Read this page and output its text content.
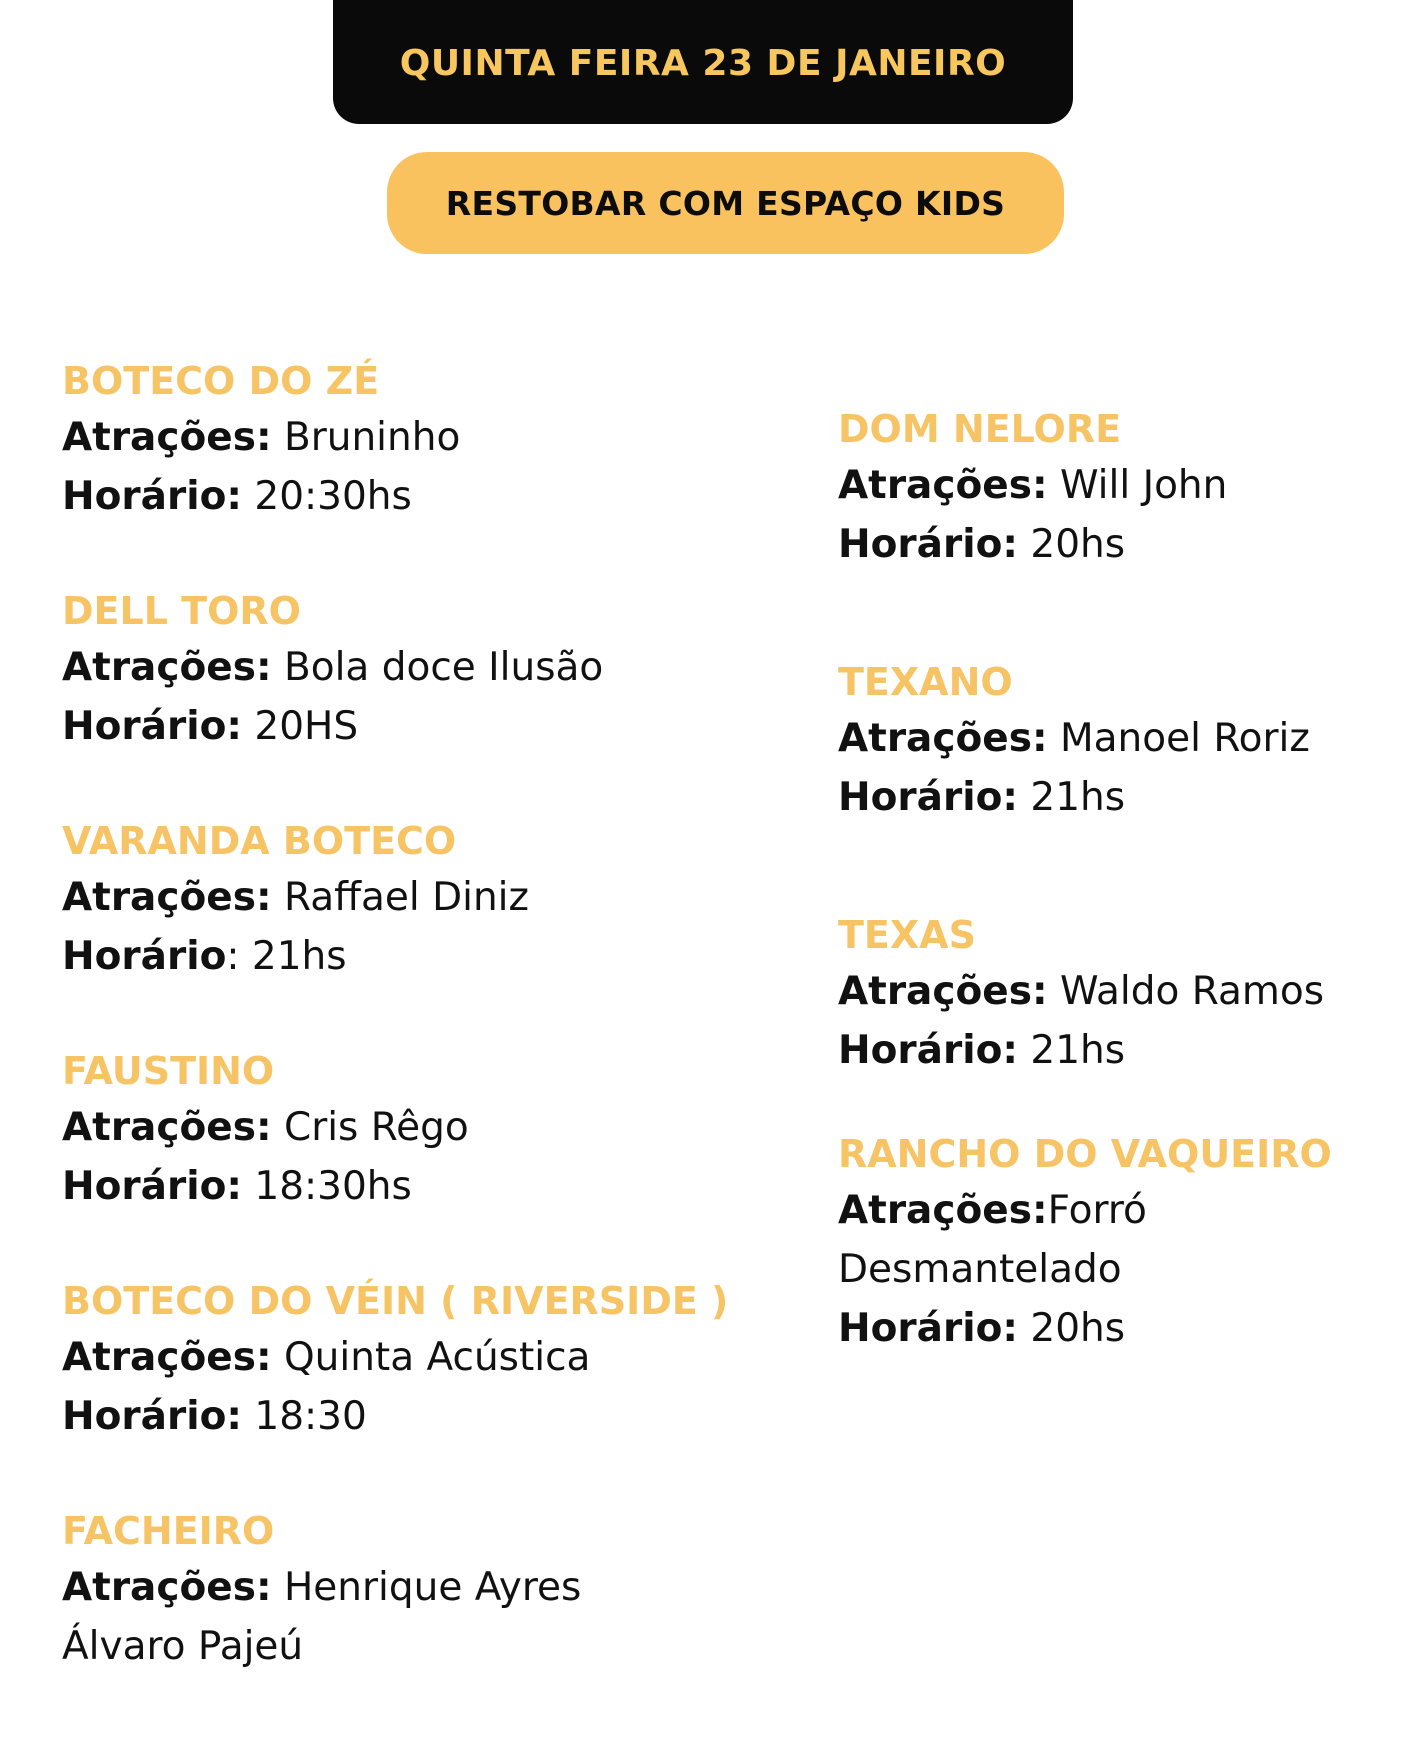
QUINTA FEIRA 23 DE JANEIRO
RESTOBAR COM ESPAÇO KIDS
BOTECO DO ZÉ
Atrações: Bruninho
Horário: 20:30hs
DELL TORO
Atrações: Bola doce Ilusão
Horário: 20HS
VARANDA BOTECO
Atrações: Raffael Diniz
Horário: 21hs
FAUSTINO
Atrações: Cris Rêgo
Horário: 18:30hs
BOTECO DO VÉIN ( RIVERSIDE )
Atrações: Quinta Acústica
Horário: 18:30
FACHEIRO
Atrações: Henrique Ayres
Álvaro Pajeú
DOM NELORE
Atrações: Will John
Horário: 20hs
TEXANO
Atrações: Manoel Roriz
Horário: 21hs
TEXAS
Atrações: Waldo Ramos
Horário: 21hs
RANCHO DO VAQUEIRO
Atrações:Forró
Desmantelado
Horário: 20hs
